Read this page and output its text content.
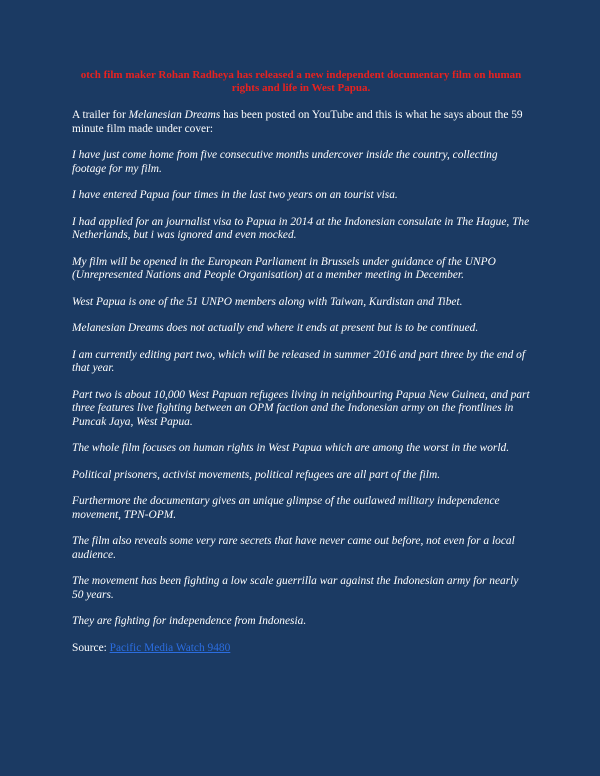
otch film maker Rohan Radheya has released a new independent documentary film on human rights and life in West Papua.

A trailer for Melanesian Dreams has been posted on YouTube and this is what he says about the 59 minute film made under cover:

I have just come home from five consecutive months undercover inside the country, collecting footage for my film.

I have entered Papua four times in the last two years on an tourist visa.

I had applied for an journalist visa to Papua in 2014 at the Indonesian consulate in The Hague, The Netherlands, but i was ignored and even mocked.

My film will be opened in the European Parliament in Brussels under guidance of the UNPO (Unrepresented Nations and People Organisation) at a member meeting in December.

West Papua is one of the 51 UNPO members along with Taiwan, Kurdistan and Tibet.

Melanesian Dreams does not actually end where it ends at present but is to be continued.

I am currently editing part two, which will be released in summer 2016 and part three by the end of that year.

Part two is about 10,000 West Papuan refugees living in neighbouring Papua New Guinea, and part three features live fighting between an OPM faction and the Indonesian army on the frontlines in Puncak Jaya, West Papua.

The whole film focuses on human rights in West Papua which are among the worst in the world.

Political prisoners, activist movements, political refugees are all part of the film.

Furthermore the documentary gives an unique glimpse of the outlawed military independence movement, TPN-OPM.

The film also reveals some very rare secrets that have never came out before, not even for a local audience.

The movement has been fighting a low scale guerrilla war against the Indonesian army for nearly 50 years.

They are fighting for independence from Indonesia.

Source: Pacific Media Watch 9480
